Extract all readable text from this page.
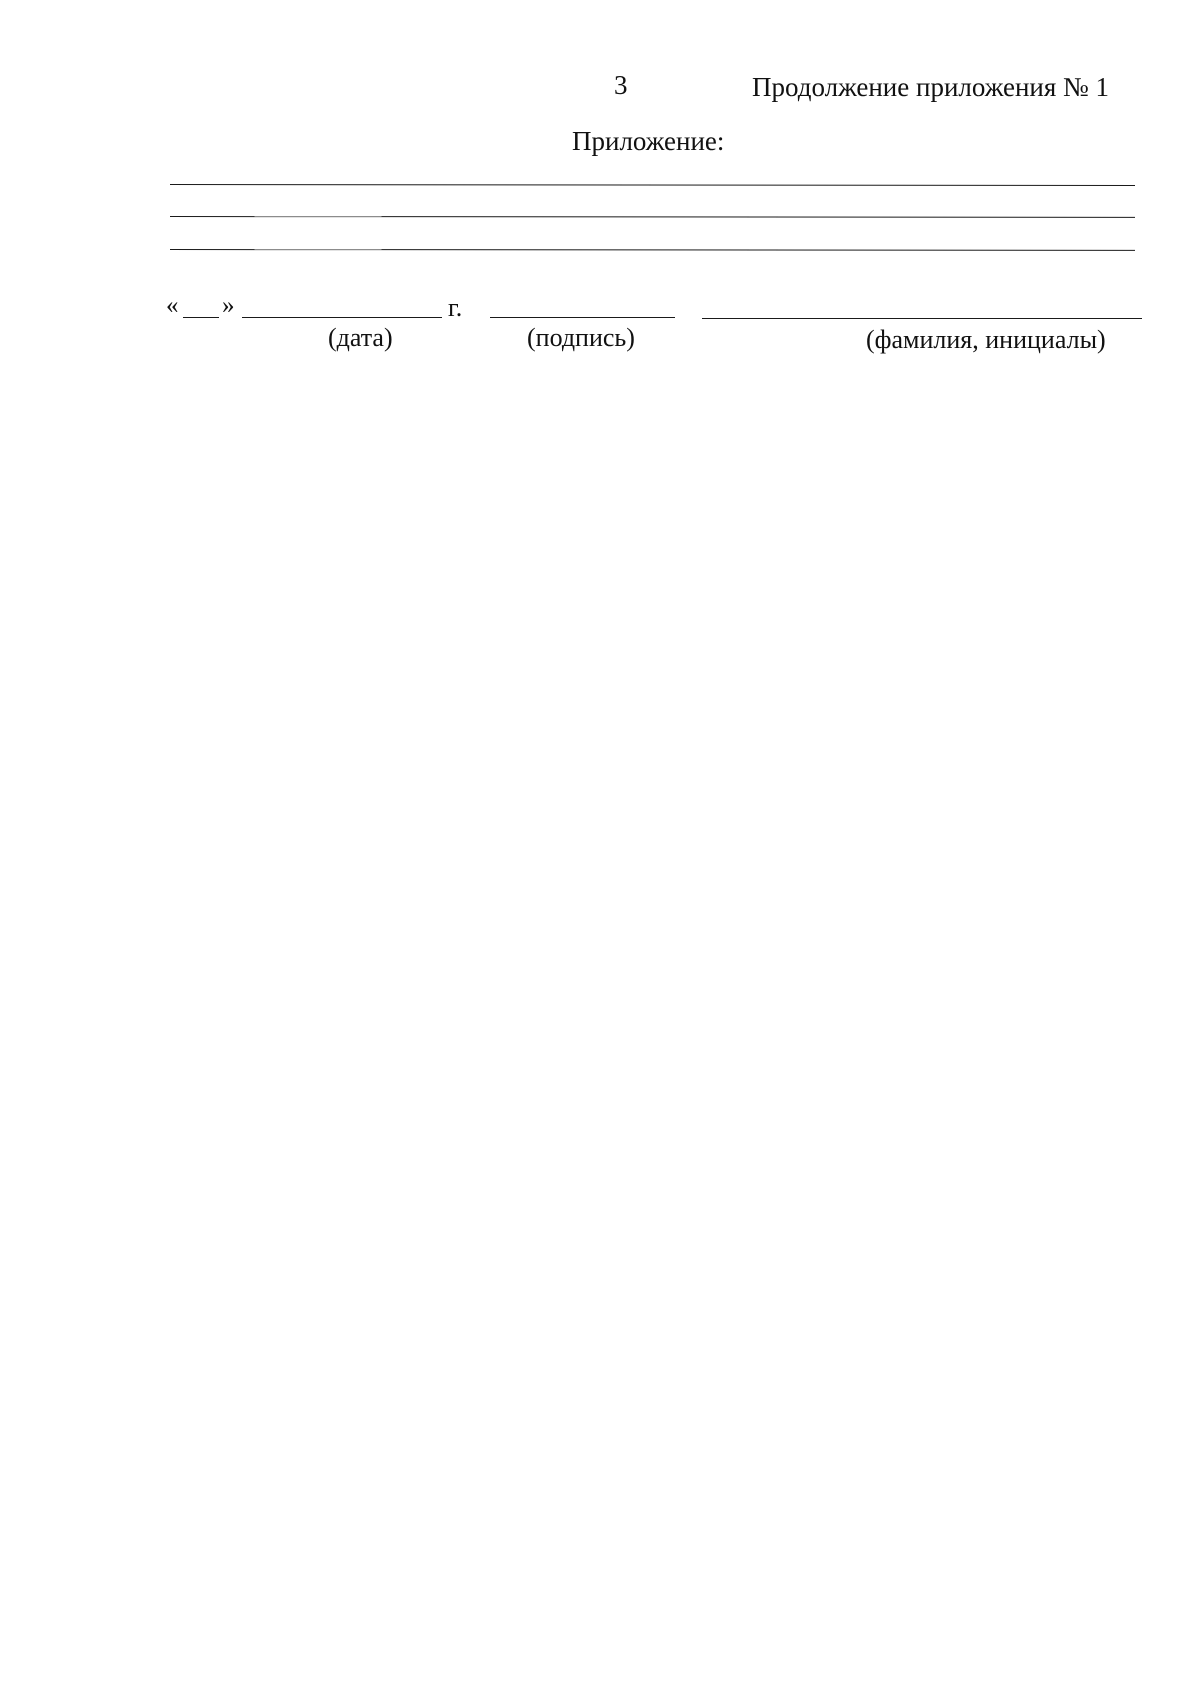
3	Продолжение приложения № 1
Приложение:
« »	г.
(дата)	(подпись)	(фамилия, инициалы)
